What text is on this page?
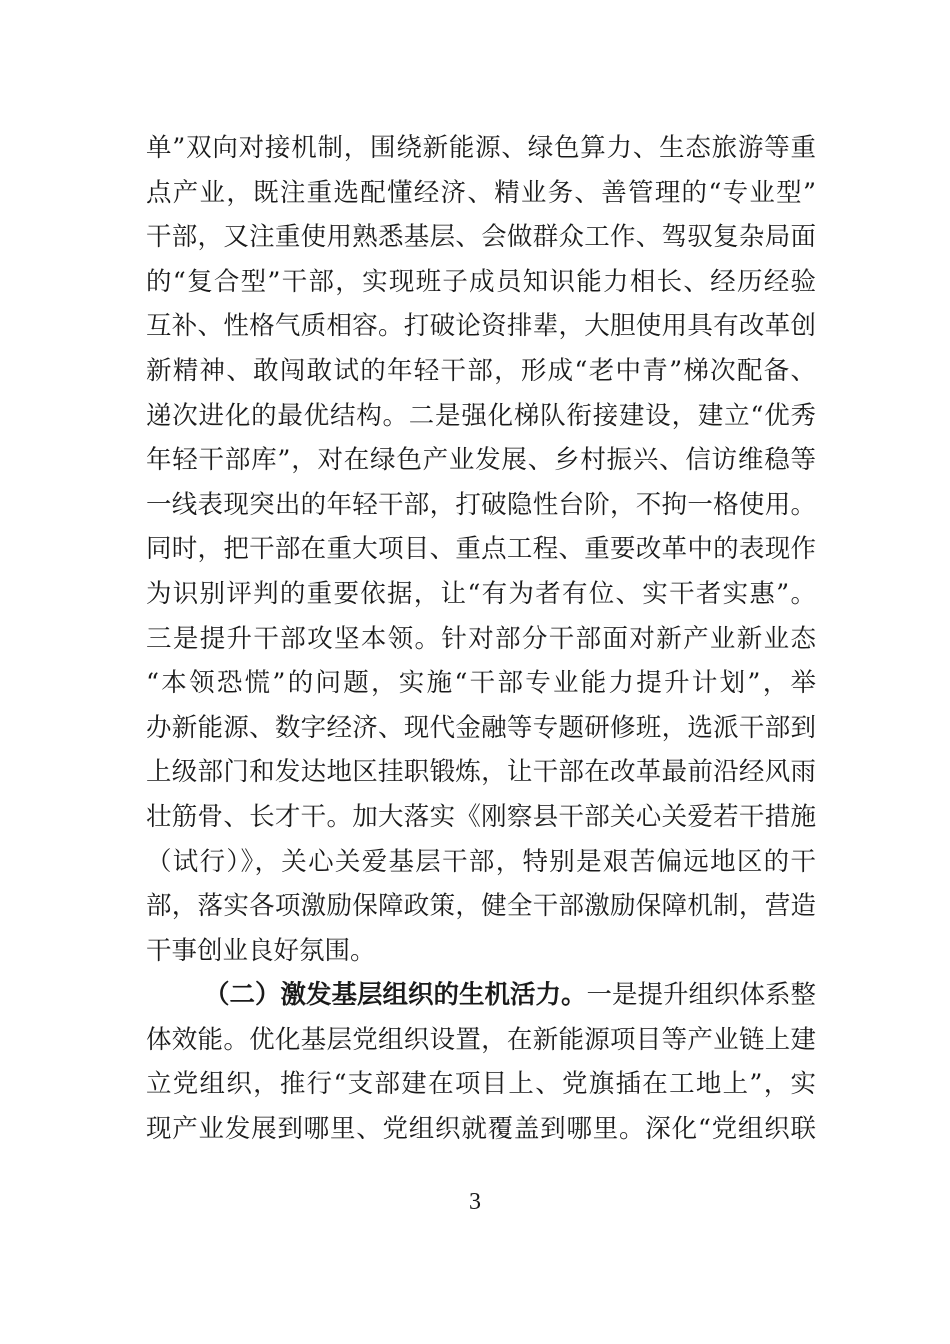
单”双向对接机制，围绕新能源、绿色算力、生态旅游等重
点产业，既注重选配懂经济、精业务、善管理的“专业型”
干部，又注重使用熟悉基层、会做群众工作、驾驭复杂局面
的“复合型”干部，实现班子成员知识能力相长、经历经验
互补、性格气质相容。打破论资排辈，大胆使用具有改革创
新精神、敢闯敢试的年轻干部，形成“老中青”梯次配备、
递次进化的最优结构。二是强化梯队衔接建设，建立“优秀
年轻干部库”，对在绿色产业发展、乡村振兴、信访维稳等
一线表现突出的年轻干部，打破隐性台阶，不拘一格使用。
同时，把干部在重大项目、重点工程、重要改革中的表现作
为识别评判的重要依据，让“有为者有位、实干者实惠”。
三是提升干部攻坚本领。针对部分干部面对新产业新业态
“本领恐慌”的问题，实施“干部专业能力提升计划”，举
办新能源、数字经济、现代金融等专题研修班，选派干部到
上级部门和发达地区挂职锻炼，让干部在改革最前沿经风雨
壮筋骨、长才干。加大落实《刚察县干部关心关爱若干措施
（试行）》，关心关爱基层干部，特别是艰苦偏远地区的干
部，落实各项激励保障政策，健全干部激励保障机制，营造
干事创业良好氛围。
（二）激发基层组织的生机活力。一是提升组织体系整
体效能。优化基层党组织设置，在新能源项目等产业链上建
立党组织，推行“支部建在项目上、党旗插在工地上”，实
现产业发展到哪里、党组织就覆盖到哪里。深化“党组织联
3
